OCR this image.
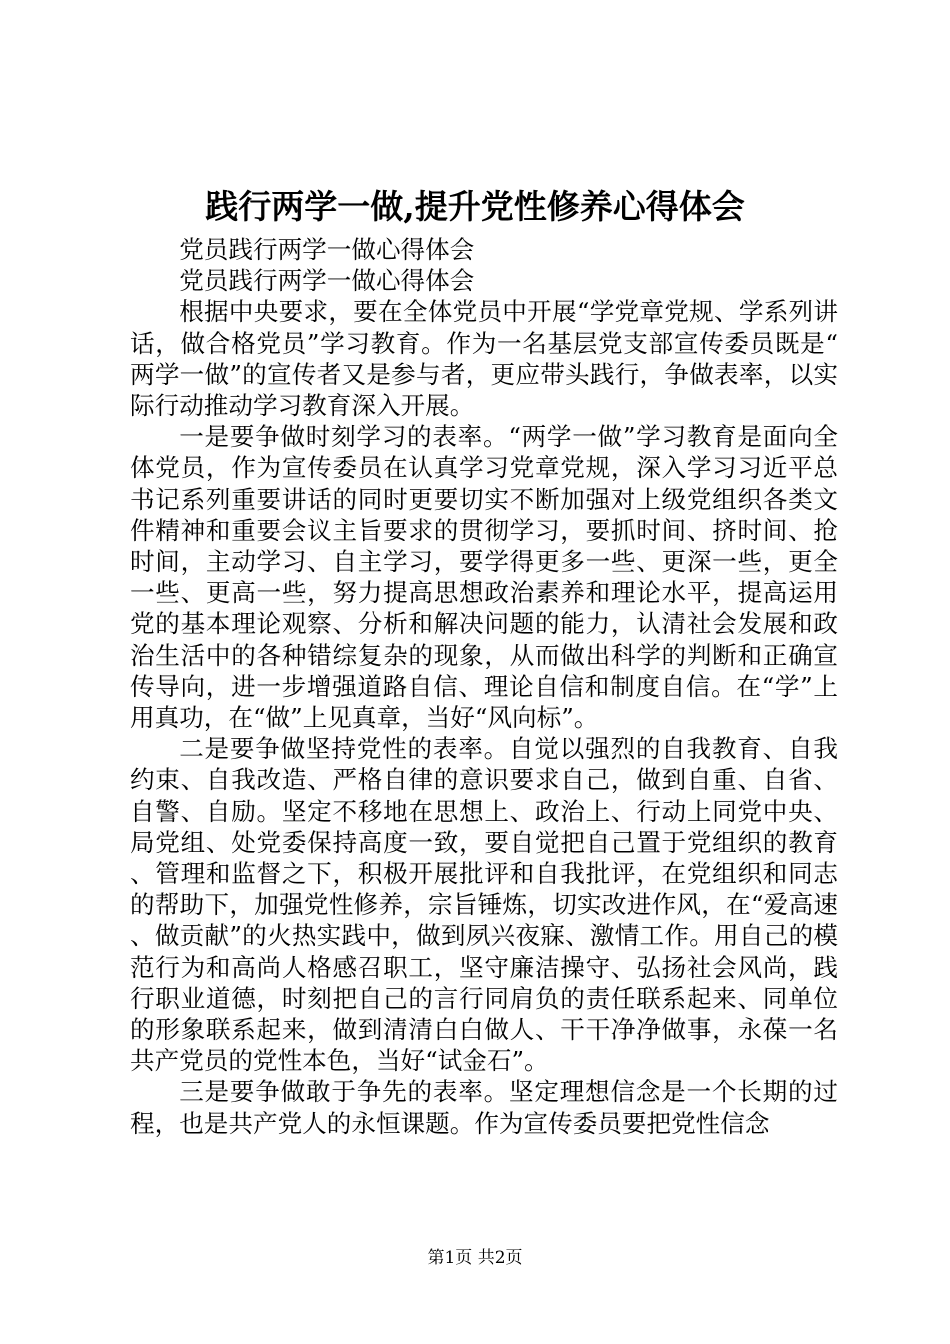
践行两学一做,提升党性修养心得体会

党员践行两学一做心得体会

党员践行两学一做心得体会

根据中央要求，要在全体党员中开展“学党章党规、学系列讲话，做合格党员”学习教育。作为一名基层党支部宣传委员既是“两学一做”的宣传者又是参与者，更应带头践行，争做表率，以实际行动推动学习教育深入开展。

一是要争做时刻学习的表率。“两学一做”学习教育是面向全体党员，作为宣传委员在认真学习党章党规，深入学习习近平总书记系列重要讲话的同时更要切实不断加强对上级党组织各类文件精神和重要会议主旨要求的贯彻学习，要抓时间、挤时间、抢时间，主动学习、自主学习，要学得更多一些、更深一些，更全一些、更高一些，努力提高思想政治素养和理论水平，提高运用党的基本理论观察、分析和解决问题的能力，认清社会发展和政治生活中的各种错综复杂的现象，从而做出科学的判断和正确宣传导向，进一步增强道路自信、理论自信和制度自信。在“学”上用真功，在“做”上见真章，当好“风向标”。

二是要争做坚持党性的表率。自觉以强烈的自我教育、自我约束、自我改造、严格自律的意识要求自己，做到自重、自省、自警、自励。坚定不移地在思想上、政治上、行动上同党中央、局党组、处党委保持高度一致，要自觉把自己置于党组织的教育、管理和监督之下，积极开展批评和自我批评，在党组织和同志的帮助下，加强党性修养，宗旨锤炼，切实改进作风，在“爱高速、做贡献”的火热实践中，做到夙兴夜寐、激情工作。用自己的模范行为和高尚人格感召职工，坚守廉洁操守、弘扬社会风尚，践行职业道德，时刻把自己的言行同肩负的责任联系起来、同单位的形象联系起来，做到清清白白做人、干干净净做事，永葆一名共产党员的党性本色，当好“试金石”。

三是要争做敢于争先的表率。坚定理想信念是一个长期的过程，也是共产党人的永恒课题。作为宣传委员要把党性信念

第1页 共2页
